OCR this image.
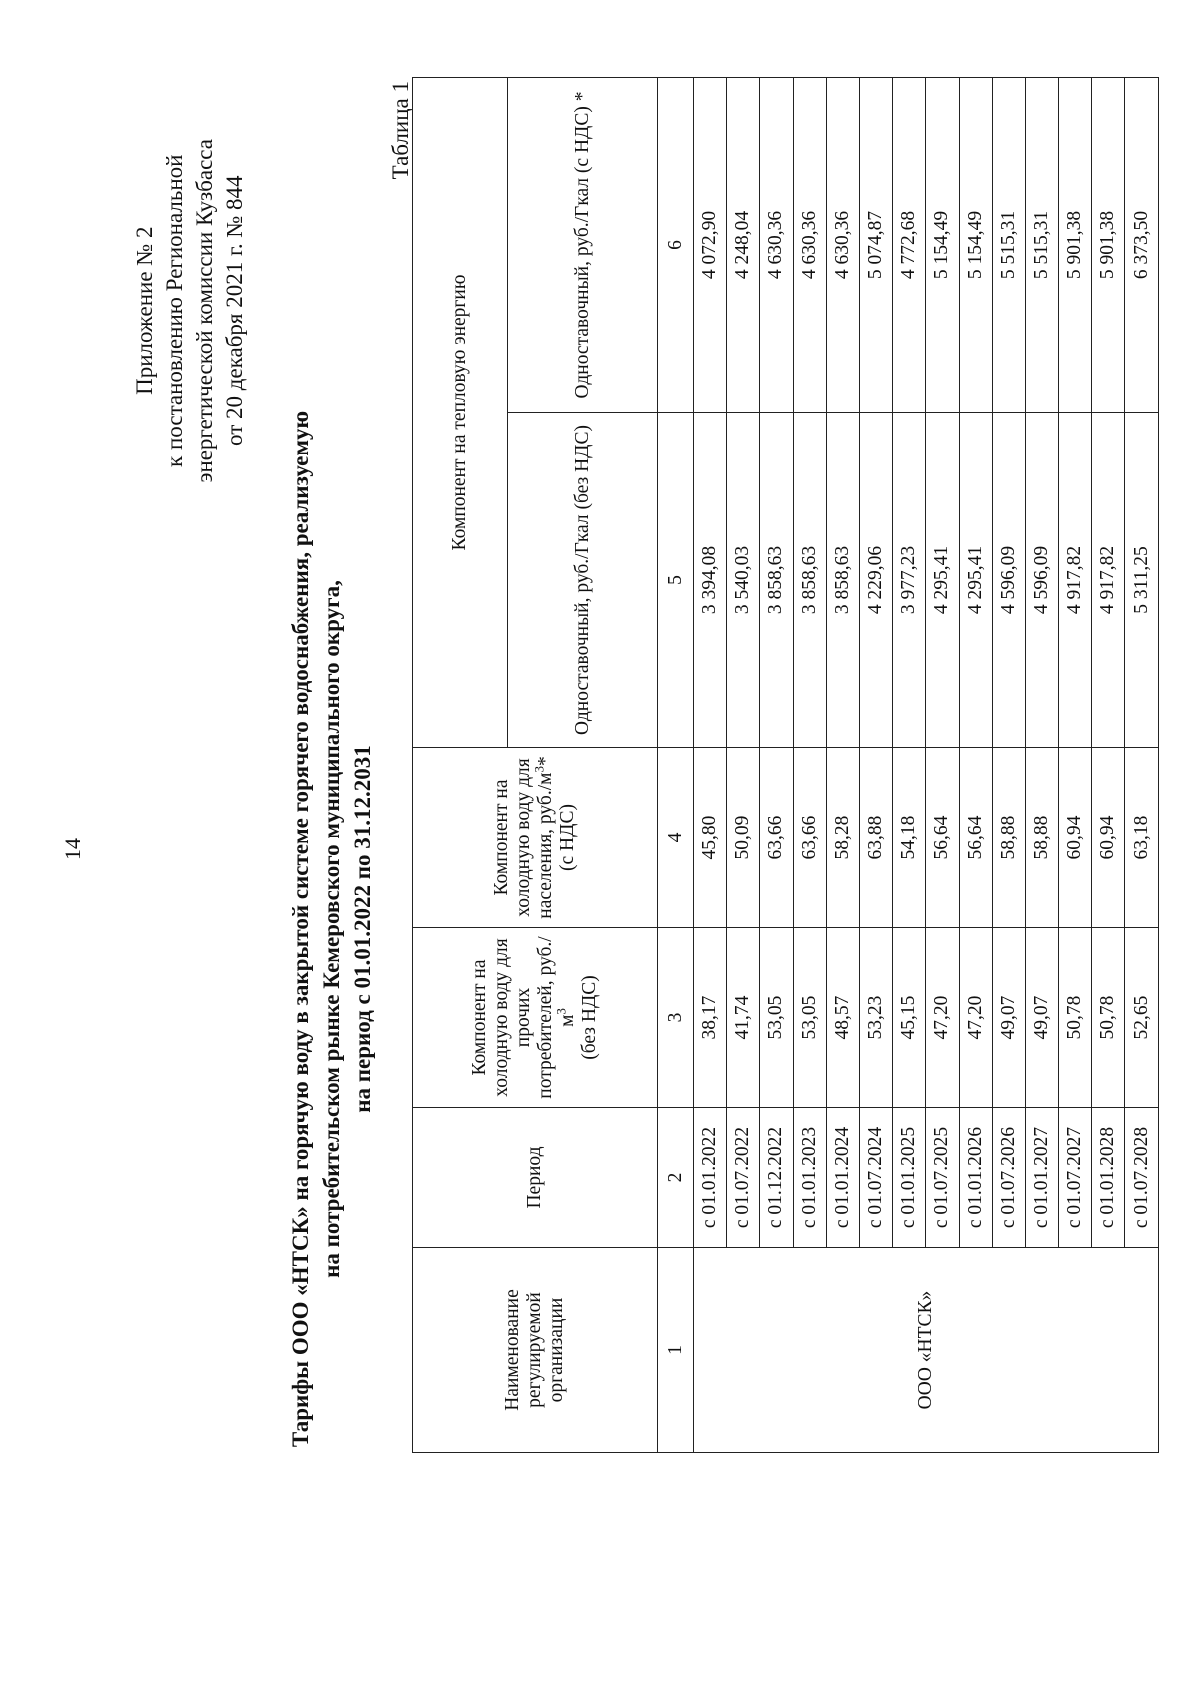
14
Приложение № 2 к постановлению Региональной энергетической комиссии Кузбасса от 20 декабря 2021 г. № 844
Тарифы ООО «НТСК» на горячую воду в закрытой системе горячего водоснабжения, реализуемую на потребительском рынке Кемеровского муниципального округа, на период с 01.01.2022 по 31.12.2031
Таблица 1
Наименование регулируемой организации	Период	Компонент на холодную воду для прочих потребителей, $руб./м^3$ (без НДС)	Компонент на холодную воду для населения, $руб./м^3*$ (с НДС)	Компонент на тепловую энергию	
				Одноставочный, руб./Гкал (без НДС)	Одноставочный, руб./Гкал (с НДС) *
1	2	3	4	5	6
ООО «НТСК»	с 01.01.2022	38,17	45,80	3 394,08	4 072,90
	с 01.07.2022	41,74	50,09	3 540,03	4 248,04
	с 01.12.2022	53,05	63,66	3 858,63	4 630,36
	с 01.01.2023	53,05	63,66	3 858,63	4 630,36
	с 01.01.2024	48,57	58,28	3 858,63	4 630,36
	с 01.07.2024	53,23	63,88	4 229,06	5 074,87
	с 01.01.2025	45,15	54,18	3 977,23	4 772,68
	с 01.07.2025	47,20	56,64	4 295,41	5 154,49
	с 01.01.2026	47,20	56,64	4 295,41	5 154,49
	с 01.07.2026	49,07	58,88	4 596,09	5 515,31
	с 01.01.2027	49,07	58,88	4 596,09	5 515,31
	с 01.07.2027	50,78	60,94	4 917,82	5 901,38
	с 01.01.2028	50,78	60,94	4 917,82	5 901,38
	с 01.07.2028	52,65	63,18	5 311,25	6 373,50
